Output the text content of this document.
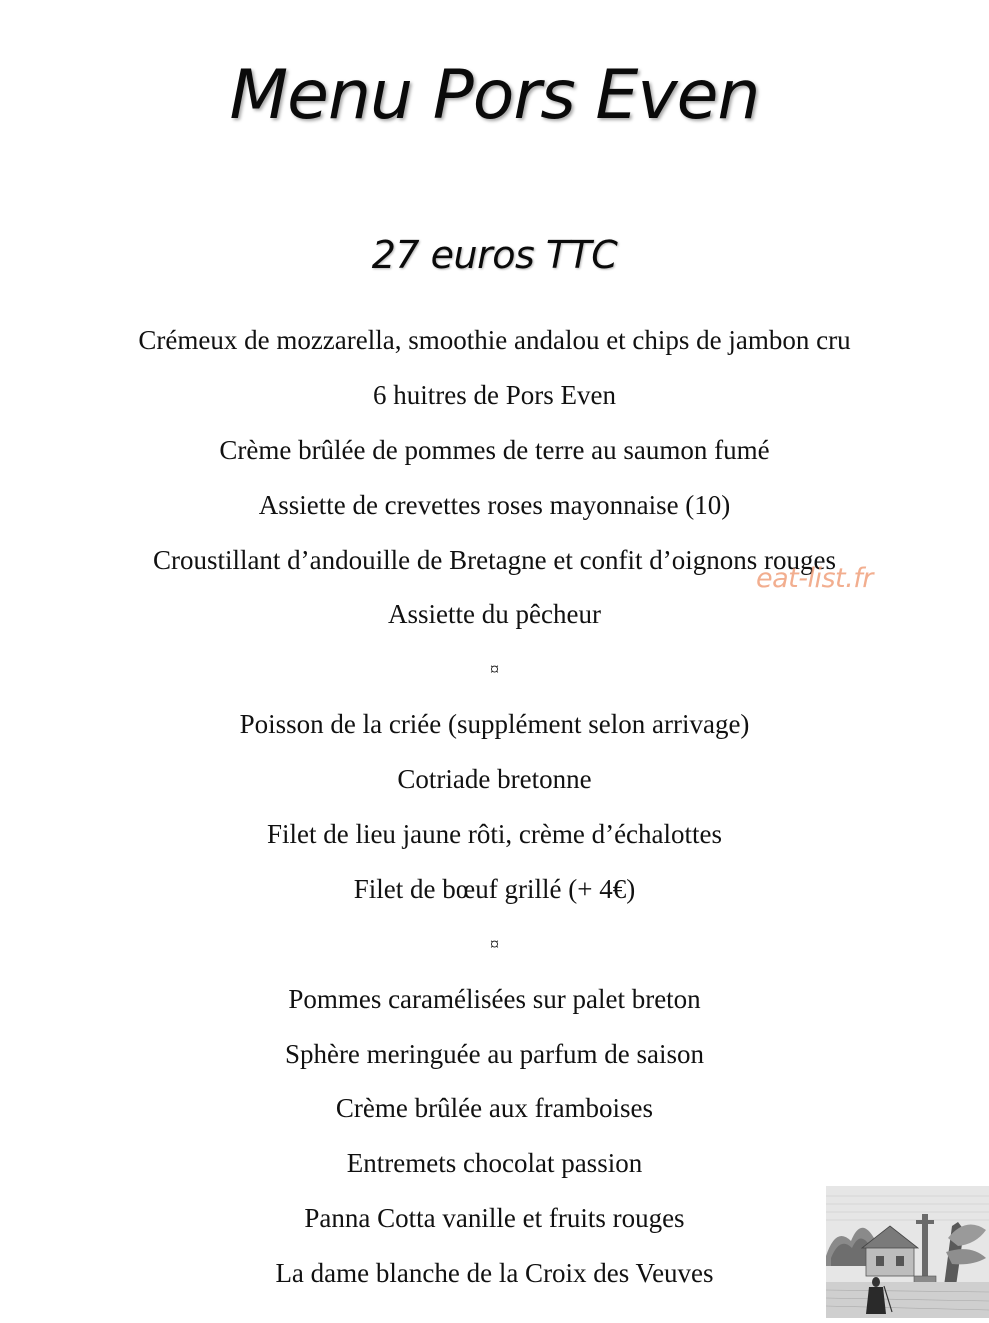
Menu Pors Even
27 euros TTC
Crémeux de mozzarella, smoothie andalou et chips de jambon cru
6 huitres de Pors Even
Crème brûlée de pommes de terre au saumon fumé
Assiette de crevettes roses mayonnaise (10)
Croustillant d’andouille de Bretagne et confit d’oignons rouges
Assiette du pêcheur
¤
Poisson de la criée (supplément selon arrivage)
Cotriade bretonne
Filet de lieu jaune rôti, crème d’échalottes
Filet de bœuf grillé (+ 4€)
¤
Pommes caramélisées sur palet breton
Sphère meringuée au parfum de saison
Crème brûlée aux framboises
Entremets chocolat passion
Panna Cotta vanille et fruits rouges
La dame blanche de la Croix des Veuves
eat-list.fr
